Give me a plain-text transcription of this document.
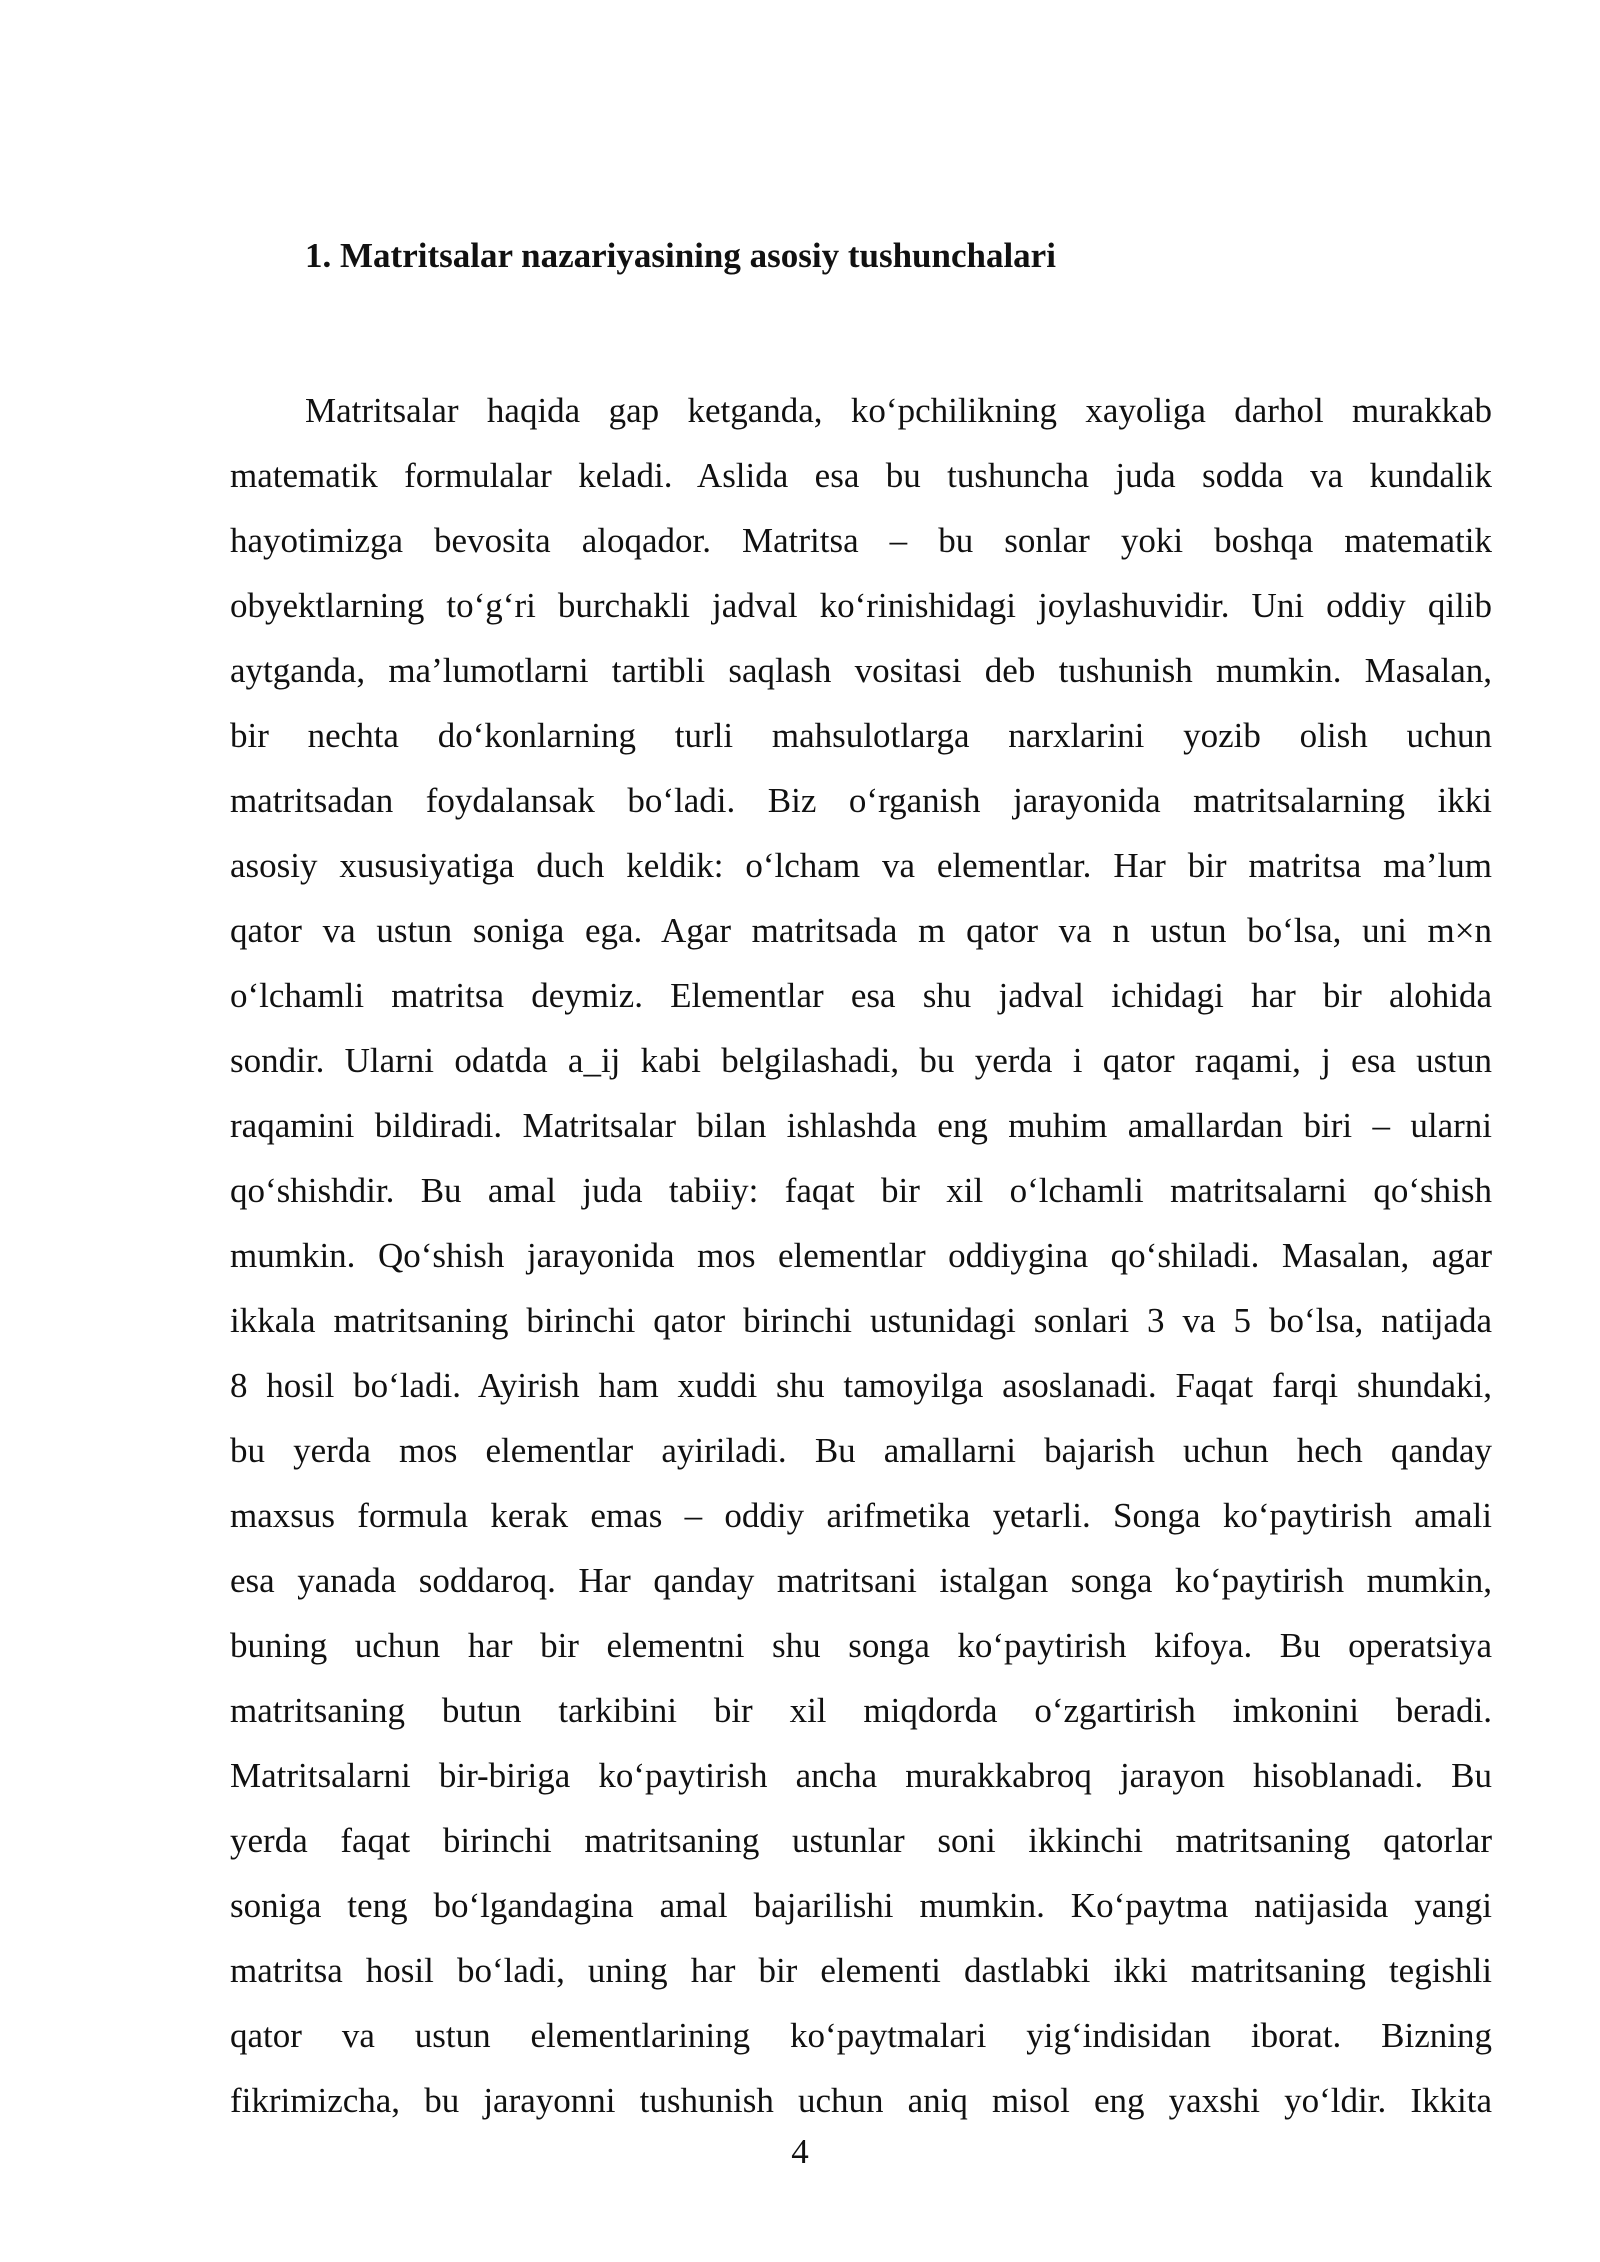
1. Matritsalar nazariyasining asosiy tushunchalari
Matritsalar haqida gap ketganda, ko‘pchilikning xayoliga darhol murakkab
matematik formulalar keladi. Aslida esa bu tushuncha juda sodda va kundalik
hayotimizga bevosita aloqador. Matritsa – bu sonlar yoki boshqa matematik
obyektlarning to‘g‘ri burchakli jadval ko‘rinishidagi joylashuvidir. Uni oddiy qilib
aytganda, ma’lumotlarni tartibli saqlash vositasi deb tushunish mumkin. Masalan,
bir nechta do‘konlarning turli mahsulotlarga narxlarini yozib olish uchun
matritsadan foydalansak bo‘ladi. Biz o‘rganish jarayonida matritsalarning ikki
asosiy xususiyatiga duch keldik: o‘lcham va elementlar. Har bir matritsa ma’lum
qator va ustun soniga ega. Agar matritsada m qator va n ustun bo‘lsa, uni m×n
o‘lchamli matritsa deymiz. Elementlar esa shu jadval ichidagi har bir alohida
sondir. Ularni odatda a_ij kabi belgilashadi, bu yerda i qator raqami, j esa ustun
raqamini bildiradi. Matritsalar bilan ishlashda eng muhim amallardan biri – ularni
qo‘shishdir. Bu amal juda tabiiy: faqat bir xil o‘lchamli matritsalarni qo‘shish
mumkin. Qo‘shish jarayonida mos elementlar oddiygina qo‘shiladi. Masalan, agar
ikkala matritsaning birinchi qator birinchi ustunidagi sonlari 3 va 5 bo‘lsa, natijada
8 hosil bo‘ladi. Ayirish ham xuddi shu tamoyilga asoslanadi. Faqat farqi shundaki,
bu yerda mos elementlar ayiriladi. Bu amallarni bajarish uchun hech qanday
maxsus formula kerak emas – oddiy arifmetika yetarli. Songa ko‘paytirish amali
esa yanada soddaroq. Har qanday matritsani istalgan songa ko‘paytirish mumkin,
buning uchun har bir elementni shu songa ko‘paytirish kifoya. Bu operatsiya
matritsaning butun tarkibini bir xil miqdorda o‘zgartirish imkonini beradi.
Matritsalarni bir-biriga ko‘paytirish ancha murakkabroq jarayon hisoblanadi. Bu
yerda faqat birinchi matritsaning ustunlar soni ikkinchi matritsaning qatorlar
soniga teng bo‘lgandagina amal bajarilishi mumkin. Ko‘paytma natijasida yangi
matritsa hosil bo‘ladi, uning har bir elementi dastlabki ikki matritsaning tegishli
qator va ustun elementlarining ko‘paytmalari yig‘indisidan iborat. Bizning
fikrimizcha, bu jarayonni tushunish uchun aniq misol eng yaxshi yo‘ldir. Ikkita
4
